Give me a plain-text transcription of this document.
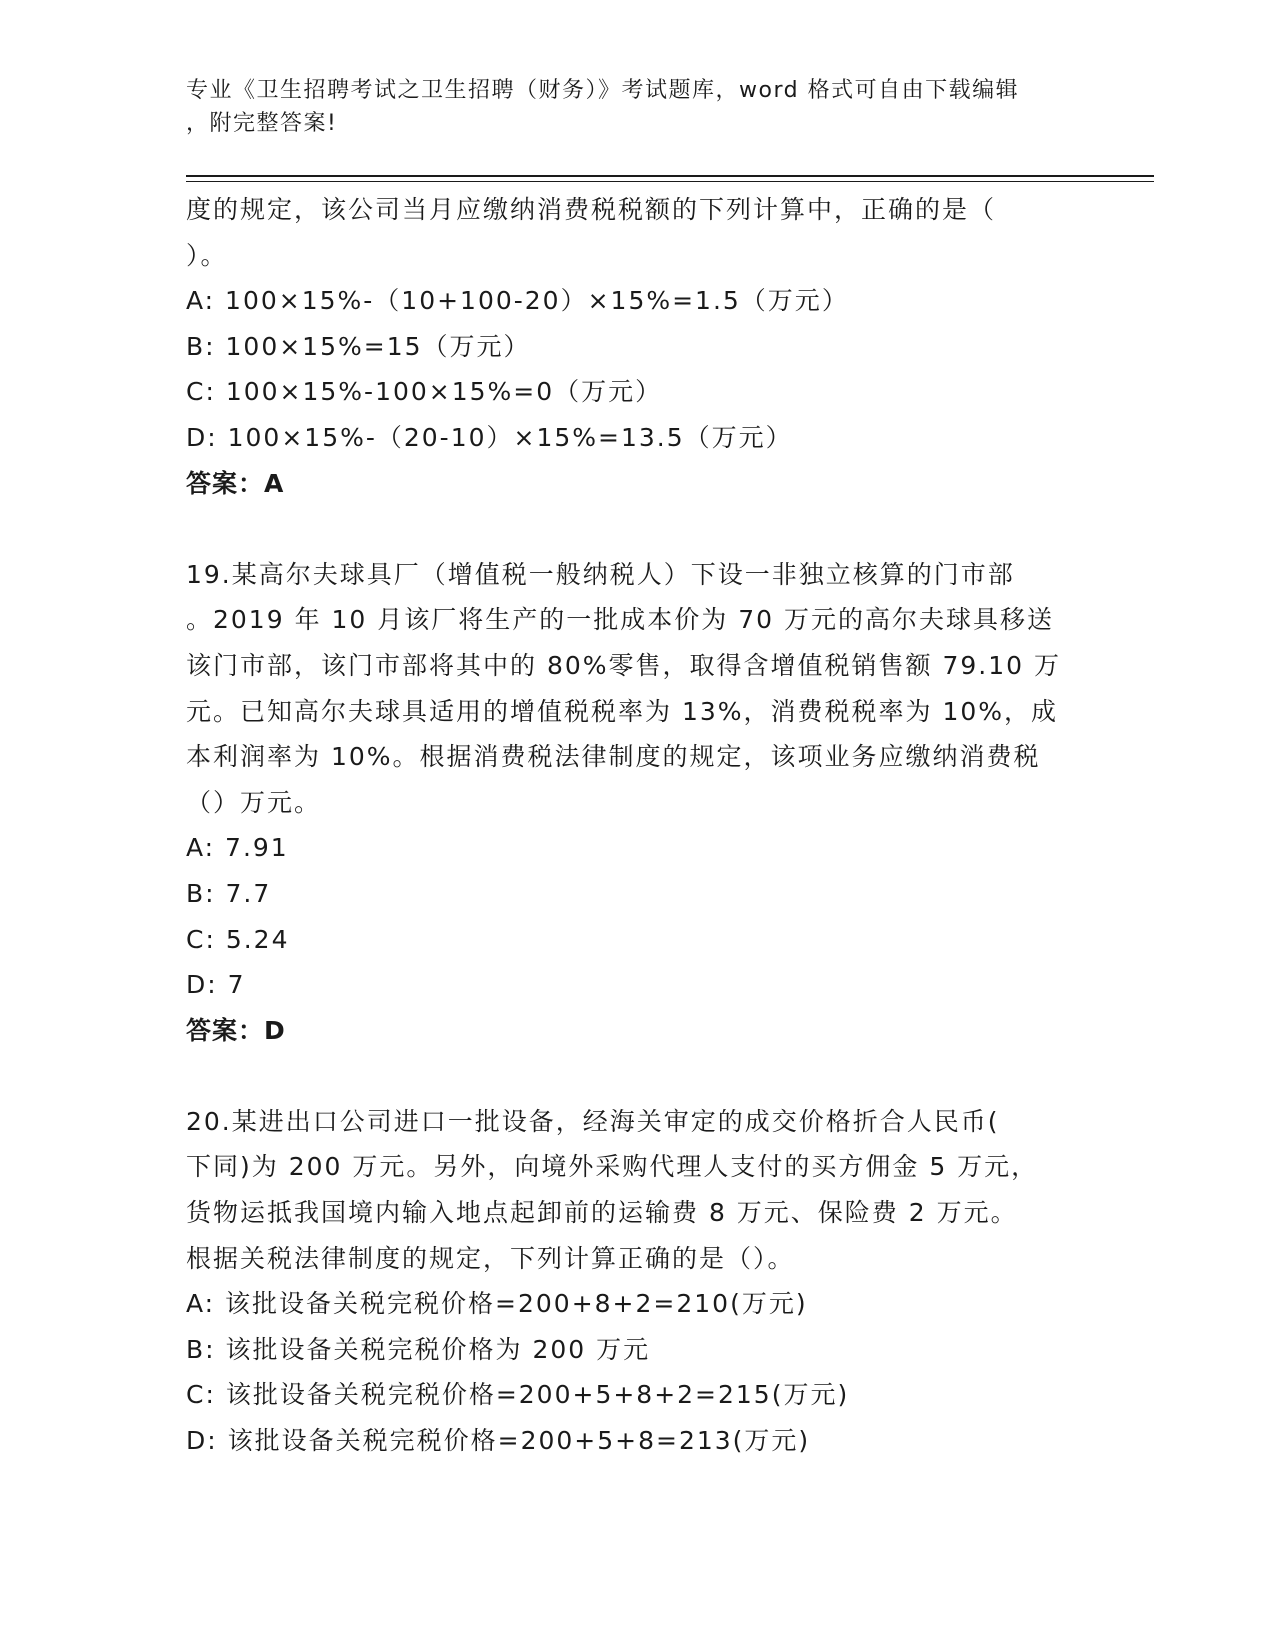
专业《卫生招聘考试之卫生招聘（财务）》考试题库，word 格式可自由下载编辑
，附完整答案!
度的规定，该公司当月应缴纳消费税税额的下列计算中，正确的是（
）。
A: 100×15%-（10+100-20）×15%=1.5（万元）
B: 100×15%=15（万元）
C: 100×15%-100×15%=0（万元）
D: 100×15%-（20-10）×15%=13.5（万元）
答案：A
19.某高尔夫球具厂（增值税一般纳税人）下设一非独立核算的门市部
。2019 年 10 月该厂将生产的一批成本价为 70 万元的高尔夫球具移送
该门市部，该门市部将其中的 80%零售，取得含增值税销售额 79.10 万
元。已知高尔夫球具适用的增值税税率为 13%，消费税税率为 10%，成
本利润率为 10%。根据消费税法律制度的规定，该项业务应缴纳消费税
（）万元。
A: 7.91
B: 7.7
C: 5.24
D: 7
答案：D
20.某进出口公司进口一批设备，经海关审定的成交价格折合人民币(
下同)为 200 万元。另外，向境外采购代理人支付的买方佣金 5 万元，
货物运抵我国境内输入地点起卸前的运输费 8 万元、保险费 2 万元。
根据关税法律制度的规定，下列计算正确的是（）。
A: 该批设备关税完税价格=200+8+2=210(万元)
B: 该批设备关税完税价格为 200 万元
C: 该批设备关税完税价格=200+5+8+2=215(万元)
D: 该批设备关税完税价格=200+5+8=213(万元)
